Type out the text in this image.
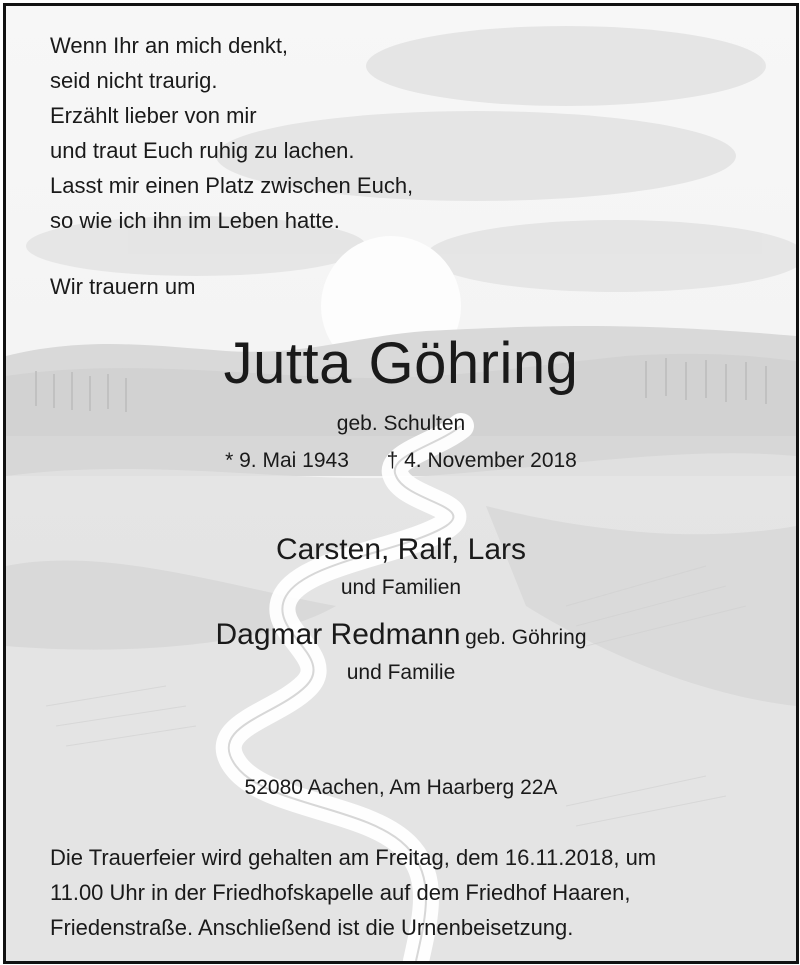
Wenn Ihr an mich denkt,
seid nicht traurig.
Erzählt lieber von mir
und traut Euch ruhig zu lachen.
Lasst mir einen Platz zwischen Euch,
so wie ich ihn im Leben hatte.
Wir trauern um
Jutta Göhring
geb. Schulten
* 9. Mai 1943 † 4. November 2018
Carsten, Ralf, Lars
und Familien
Dagmar Redmann geb. Göhring
und Familie
52080 Aachen, Am Haarberg 22A
Die Trauerfeier wird gehalten am Freitag, dem 16.11.2018, um
11.00 Uhr in der Friedhofskapelle auf dem Friedhof Haaren,
Friedenstraße. Anschließend ist die Urnenbeisetzung.
